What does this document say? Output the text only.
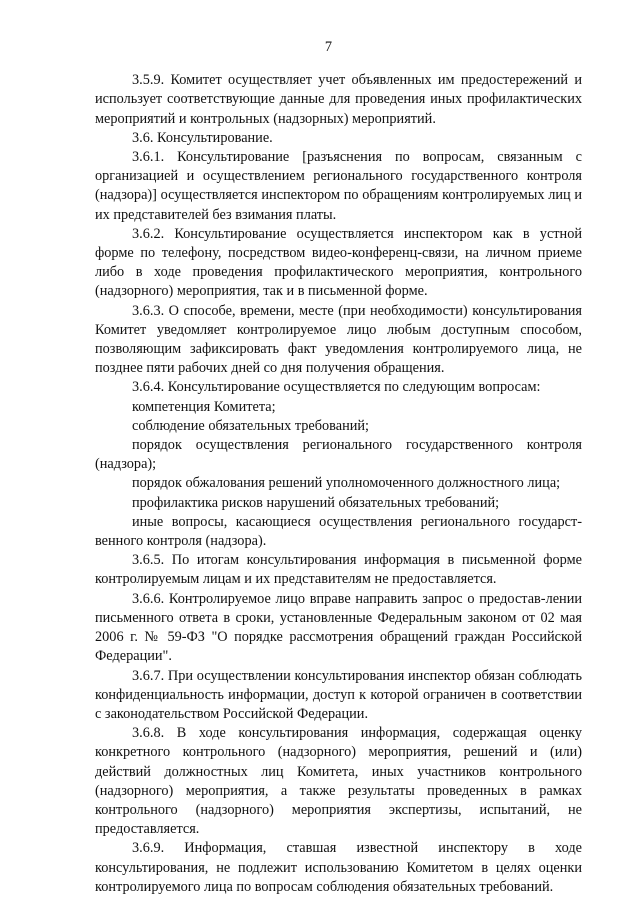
7

3.5.9. Комитет осуществляет учет объявленных им предостережений и использует соответствующие данные для проведения иных профилактических мероприятий и контрольных (надзорных) мероприятий.

3.6. Консультирование.

3.6.1. Консультирование [разъяснения по вопросам, связанным с организацией и осуществлением регионального государственного контроля (надзора)] осуществляется инспектором по обращениям контролируемых лиц и их представителей без взимания платы.

3.6.2. Консультирование осуществляется инспектором как в устной форме по телефону, посредством видео-конференц-связи, на личном приеме либо в ходе проведения профилактического мероприятия, контрольного (надзорного) мероприятия, так и в письменной форме.

3.6.3. О способе, времени, месте (при необходимости) консультирования Комитет уведомляет контролируемое лицо любым доступным способом, позволяющим зафиксировать факт уведомления контролируемого лица, не позднее пяти рабочих дней со дня получения обращения.

3.6.4. Консультирование осуществляется по следующим вопросам:

компетенция Комитета;

соблюдение обязательных требований;

порядок осуществления регионального государственного контроля (надзора);

порядок обжалования решений уполномоченного должностного лица;

профилактика рисков нарушений обязательных требований;

иные вопросы, касающиеся осуществления регионального государст-венного контроля (надзора).

3.6.5. По итогам консультирования информация в письменной форме контролируемым лицам и их представителям не предоставляется.

3.6.6. Контролируемое лицо вправе направить запрос о предостав-лении письменного ответа в сроки, установленные Федеральным законом от 02 мая 2006 г. № 59-ФЗ "О порядке рассмотрения обращений граждан Российской Федерации".

3.6.7. При осуществлении консультирования инспектор обязан соблюдать конфиденциальность информации, доступ к которой ограничен в соответствии с законодательством Российской Федерации.

3.6.8. В ходе консультирования информация, содержащая оценку конкретного контрольного (надзорного) мероприятия, решений и (или) действий должностных лиц Комитета, иных участников контрольного (надзорного) мероприятия, а также результаты проведенных в рамках контрольного (надзорного) мероприятия экспертизы, испытаний, не предоставляется.

3.6.9. Информация, ставшая известной инспектору в ходе консультирования, не подлежит использованию Комитетом в целях оценки контролируемого лица по вопросам соблюдения обязательных требований.
